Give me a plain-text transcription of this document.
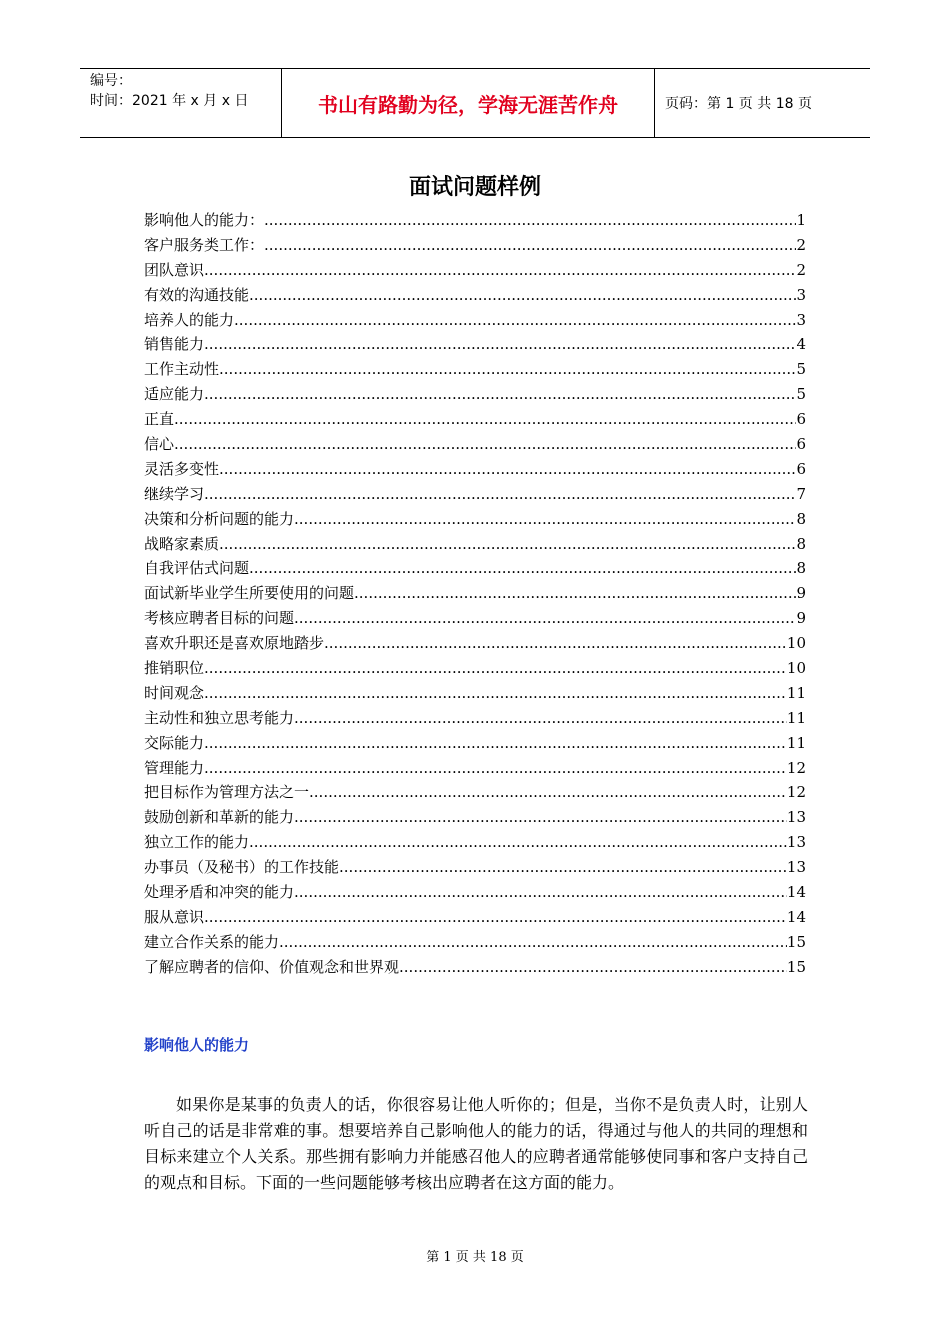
编号：
时间：2021 年 x 月 x 日	书山有路勤为径，学海无涯苦作舟	页码：第 1 页 共 18 页
面试问题样例
影响他人的能力： .....	1
客户服务类工作： .....	2
团队意识 .....	2
有效的沟通技能 .....	3
培养人的能力 .....	3
销售能力 .....	4
工作主动性 .....	5
适应能力 .....	5
正直 .....	6
信心 .....	6
灵活多变性 .....	6
继续学习 .....	7
决策和分析问题的能力 .....	8
战略家素质 .....	8
自我评估式问题 .....	8
面试新毕业学生所要使用的问题 .....	9
考核应聘者目标的问题 .....	9
喜欢升职还是喜欢原地踏步 .....	10
推销职位 .....	10
时间观念 .....	11
主动性和独立思考能力 .....	11
交际能力 .....	11
管理能力 .....	12
把目标作为管理方法之一 .....	12
鼓励创新和革新的能力 .....	13
独立工作的能力 .....	13
办事员（及秘书）的工作技能 .....	13
处理矛盾和冲突的能力 .....	14
服从意识 .....	14
建立合作关系的能力 .....	15
了解应聘者的信仰、价值观念和世界观 .....	15
影响他人的能力
如果你是某事的负责人的话，你很容易让他人听你的；但是，当你不是负责人时，让别人听自己的话是非常难的事。想要培养自己影响他人的能力的话，得通过与他人的共同的理想和目标来建立个人关系。那些拥有影响力并能感召他人的应聘者通常能够使同事和客户支持自己的观点和目标。下面的一些问题能够考核出应聘者在这方面的能力。
第 1 页 共 18 页
